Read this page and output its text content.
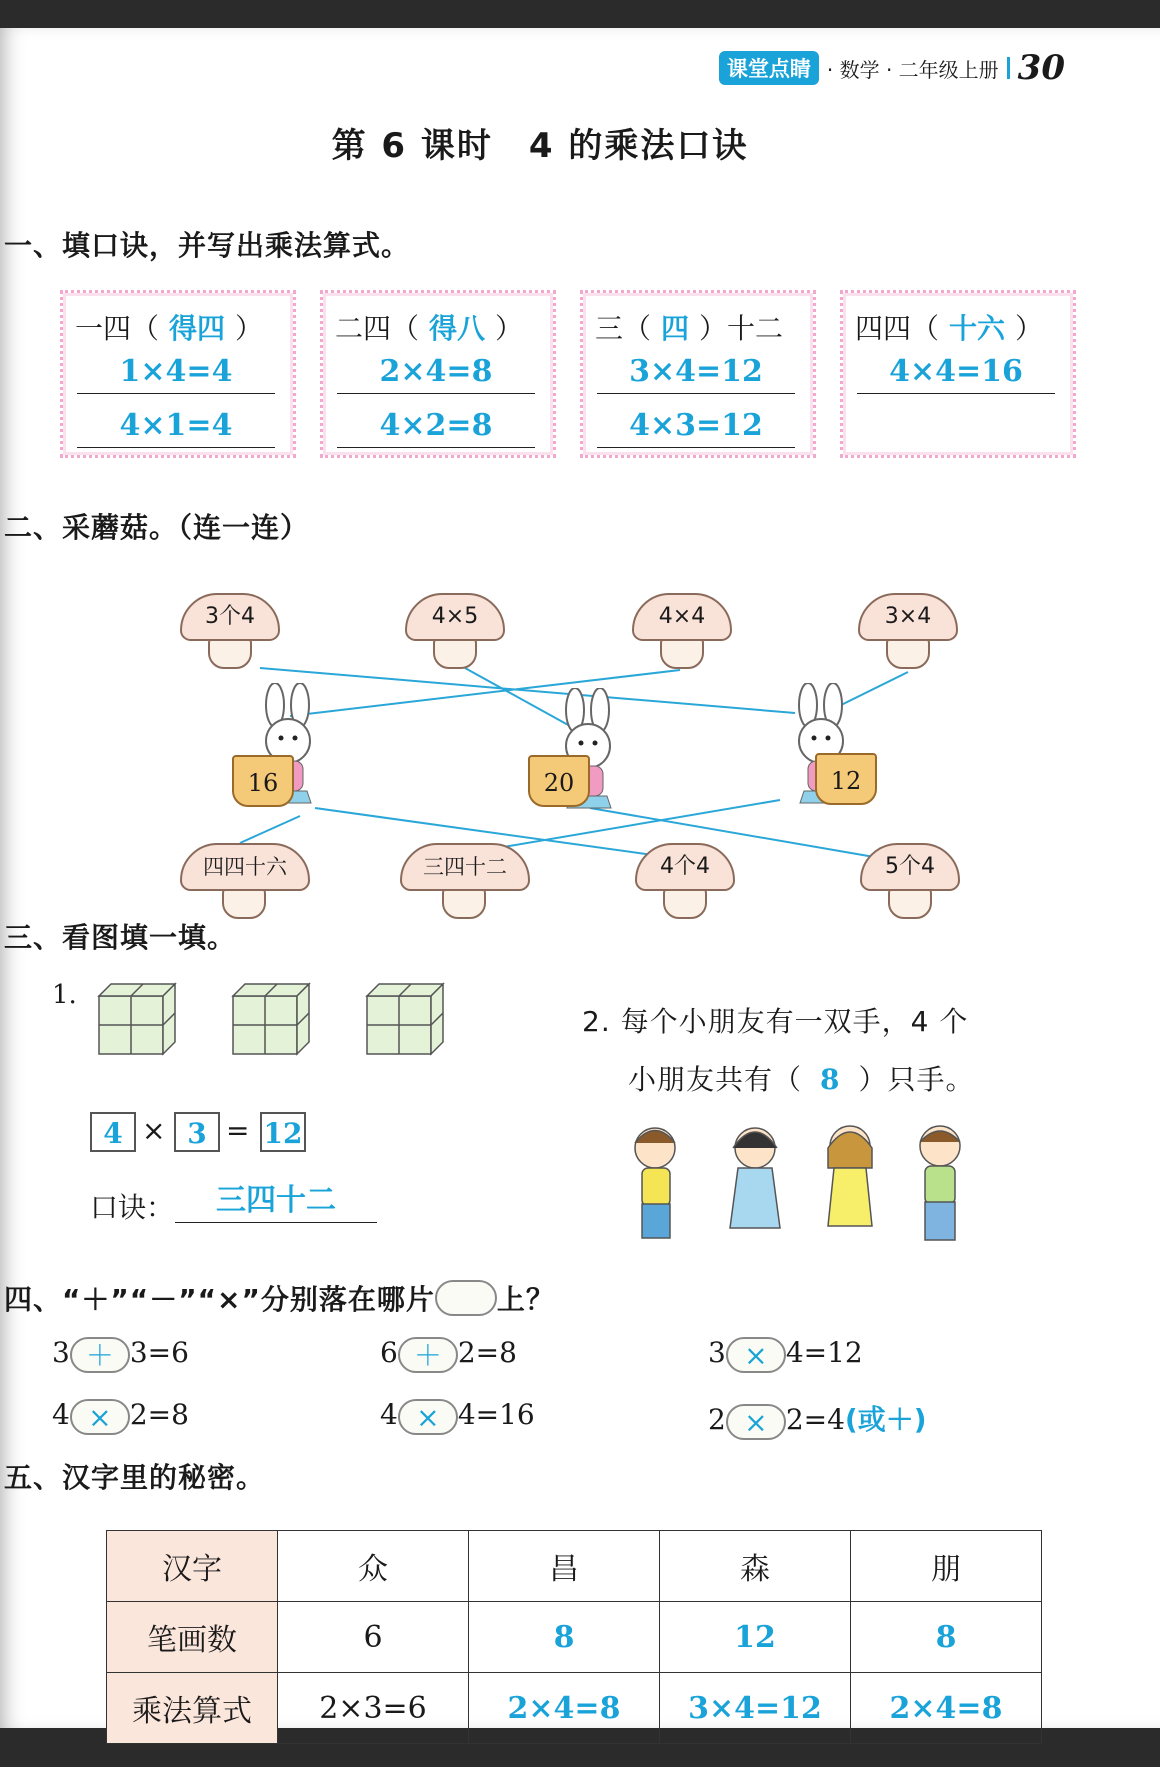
课堂点睛 · 数学 · 二年级上册 30
第 6 课时　4 的乘法口诀
一、填口诀，并写出乘法算式。
一四（ 得四 ）
1×4=4
4×1=4
二四（ 得八 ）
2×4=8
4×2=8
三（ 四 ）十二
3×4=12
4×3=12
四四（ 十六 ）
4×4=16
二、采蘑菇。（连一连）
3个4	4×5	4×4	3×4
16	20	12
四四十六	三四十二	4个4	5个4
三、看图填一填。
1.
4 × 3 = 12
口诀：	三四十二
2. 每个小朋友有一双手，4 个
小朋友共有（ 8 ）只手。
四、“＋”“－”“×”分别落在哪片 上？
3 ＋ 3=6	6 ＋ 2=8	3 × 4=12
4 × 2=8	4 × 4=16	2 × 2=4(或＋)
五、汉字里的秘密。
汉字	众	昌	森	朋
笔画数	6	8	12	8
乘法算式	2×3=6	2×4=8	3×4=12	2×4=8
